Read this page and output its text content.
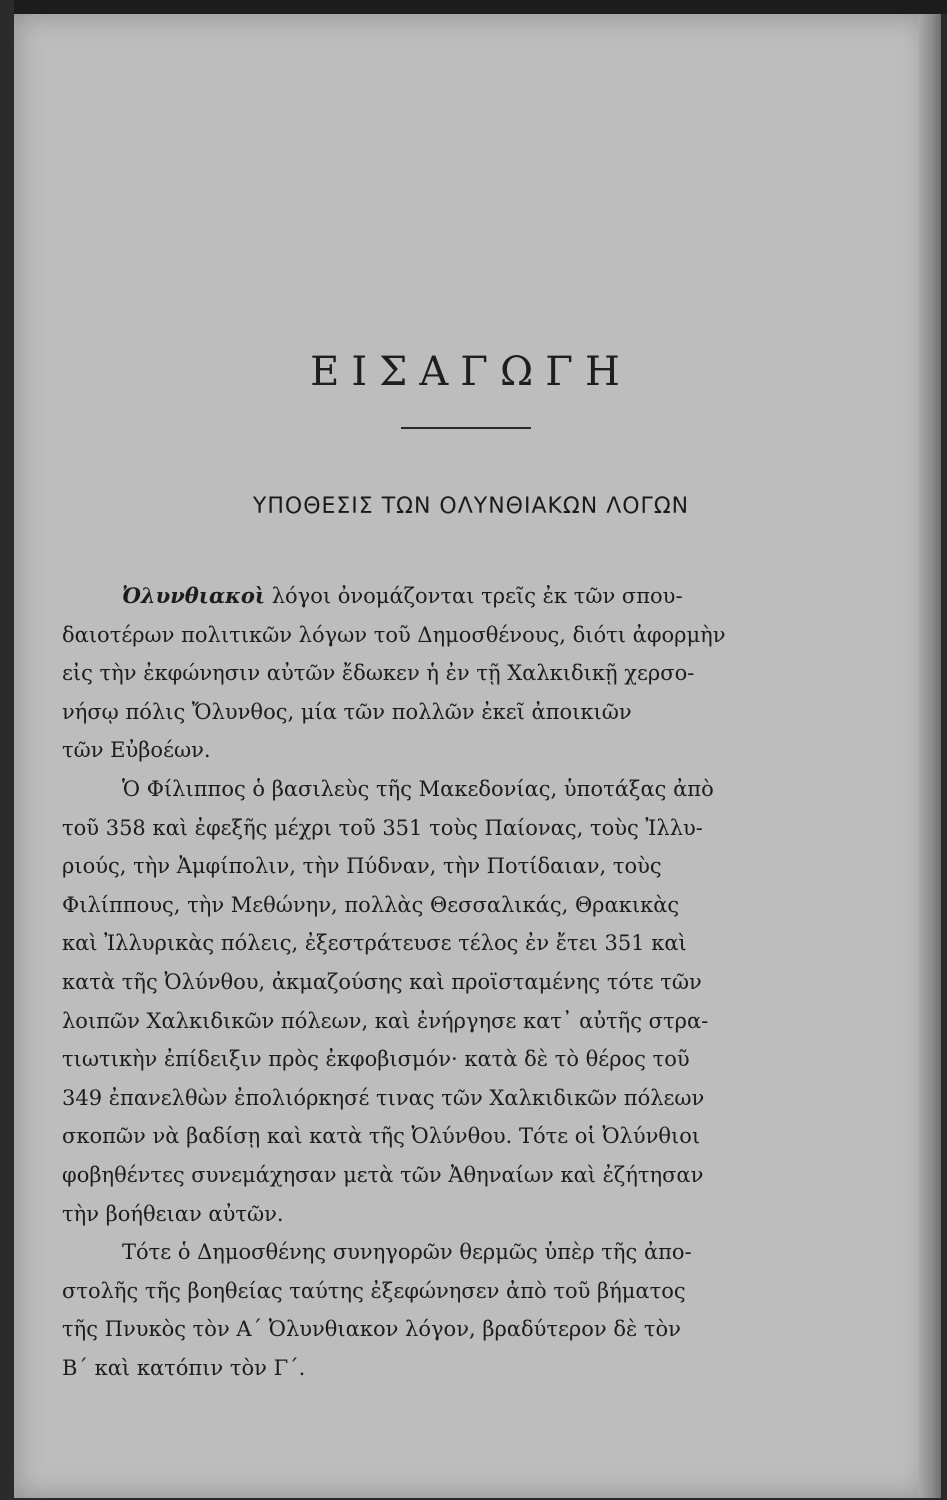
ΕΙΣΑΓΩΓΗ
ΥΠΟΘΕΣΙΣ ΤΩΝ ΟΛΥΝΘΙΑΚΩΝ ΛΟΓΩΝ

Ὀλυνθιακοὶ λόγοι ὀνομάζονται τρεῖς ἐκ τῶν σπου-
δαιοτέρων πολιτικῶν λόγων τοῦ Δημοσθένους, διότι ἀφορμὴν
εἰς τὴν ἐκφώνησιν αὐτῶν ἔδωκεν ἡ ἐν τῇ Χαλκιδικῇ χερσο-
νήσῳ πόλις Ὄλυνθος, μία τῶν πολλῶν ἐκεῖ ἀποικιῶν
τῶν Εὐβοέων.

Ὁ Φίλιππος ὁ βασιλεὺς τῆς Μακεδονίας, ὑποτάξας ἀπὸ
τοῦ 358 καὶ ἐφεξῆς μέχρι τοῦ 351 τοὺς Παίονας, τοὺς Ἰλλυ-
ριούς, τὴν Ἀμφίπολιν, τὴν Πύδναν, τὴν Ποτίδαιαν, τοὺς
Φιλίππους, τὴν Μεθώνην, πολλὰς Θεσσαλικάς, Θρακικὰς
καὶ Ἰλλυρικὰς πόλεις, ἐξεστράτευσε τέλος ἐν ἔτει 351 καὶ
κατὰ τῆς Ὀλύνθου, ἀκμαζούσης καὶ προϊσταμένης τότε τῶν
λοιπῶν Χαλκιδικῶν πόλεων, καὶ ἐνήργησε κατ᾽ αὐτῆς στρα-
τιωτικὴν ἐπίδειξιν πρὸς ἐκφοβισμόν· κατὰ δὲ τὸ θέρος τοῦ
349 ἐπανελθὼν ἐπολιόρκησέ τινας τῶν Χαλκιδικῶν πόλεων
σκοπῶν νὰ βαδίσῃ καὶ κατὰ τῆς Ὀλύνθου. Τότε οἱ Ὀλύνθιοι
φοβηθέντες συνεμάχησαν μετὰ τῶν Ἀθηναίων καὶ ἐζήτησαν
τὴν βοήθειαν αὐτῶν.

Τότε ὁ Δημοσθένης συνηγορῶν θερμῶς ὑπὲρ τῆς ἀπο-
στολῆς τῆς βοηθείας ταύτης ἐξεφώνησεν ἀπὸ τοῦ βήματος
τῆς Πνυκὸς τὸν Α´ Ὀλυνθιακον λόγον, βραδύτερον δὲ τὸν
Β´ καὶ κατόπιν τὸν Γ´.
